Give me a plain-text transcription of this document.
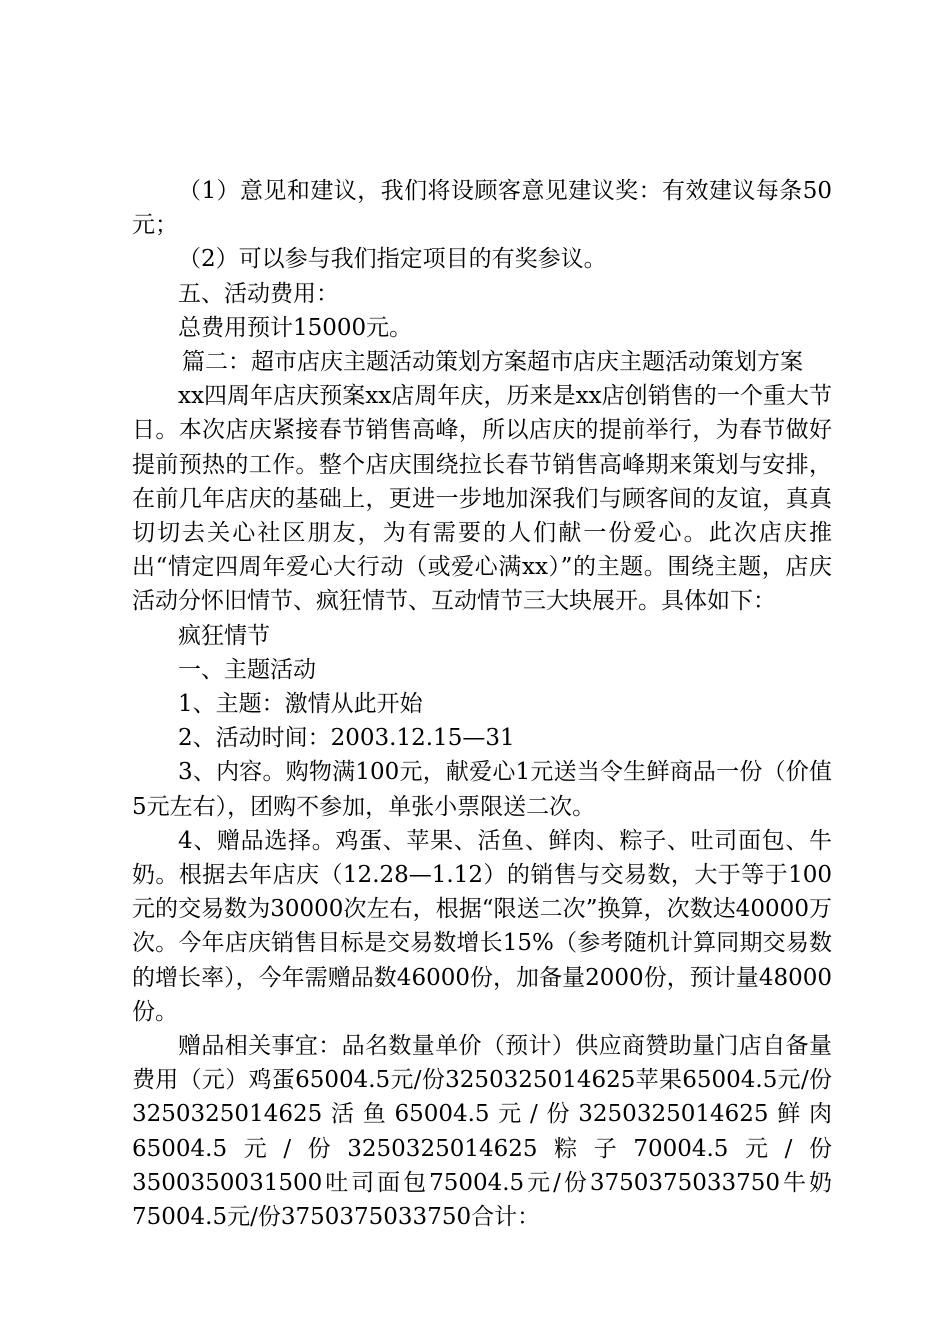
（1）意见和建议，我们将设顾客意见建议奖：有效建议每条50元；

（2）可以参与我们指定项目的有奖参议。

五、活动费用：

总费用预计15000元。

篇二：超市店庆主题活动策划方案超市店庆主题活动策划方案

xx四周年店庆预案xx店周年庆，历来是xx店创销售的一个重大节日。本次店庆紧接春节销售高峰，所以店庆的提前举行，为春节做好提前预热的工作。整个店庆围绕拉长春节销售高峰期来策划与安排，在前几年店庆的基础上，更进一步地加深我们与顾客间的友谊，真真切切去关心社区朋友，为有需要的人们献一份爱心。此次店庆推出“情定四周年爱心大行动（或爱心满xx）”的主题。围绕主题，店庆活动分怀旧情节、疯狂情节、互动情节三大块展开。具体如下：

疯狂情节

一、主题活动

1、主题：激情从此开始

2、活动时间：2003.12.15—31

3、内容。购物满100元，献爱心1元送当令生鲜商品一份（价值5元左右），团购不参加，单张小票限送二次。

4、赠品选择。鸡蛋、苹果、活鱼、鲜肉、粽子、吐司面包、牛奶。根据去年店庆（12.28—1.12）的销售与交易数，大于等于100元的交易数为30000次左右，根据“限送二次”换算，次数达40000万次。今年店庆销售目标是交易数增长15%（参考随机计算同期交易数的增长率），今年需赠品数46000份，加备量2000份，预计量48000份。

赠品相关事宜：品名数量单价（预计）供应商赞助量门店自备量费用（元）鸡蛋65004.5元/份3250325014625苹果65004.5元/份3250325014625活鱼65004.5元/份3250325014625鲜肉65004.5元/份3250325014625粽子70004.5元/份3500350031500吐司面包75004.5元/份3750375033750牛奶75004.5元/份3750375033750合计：
